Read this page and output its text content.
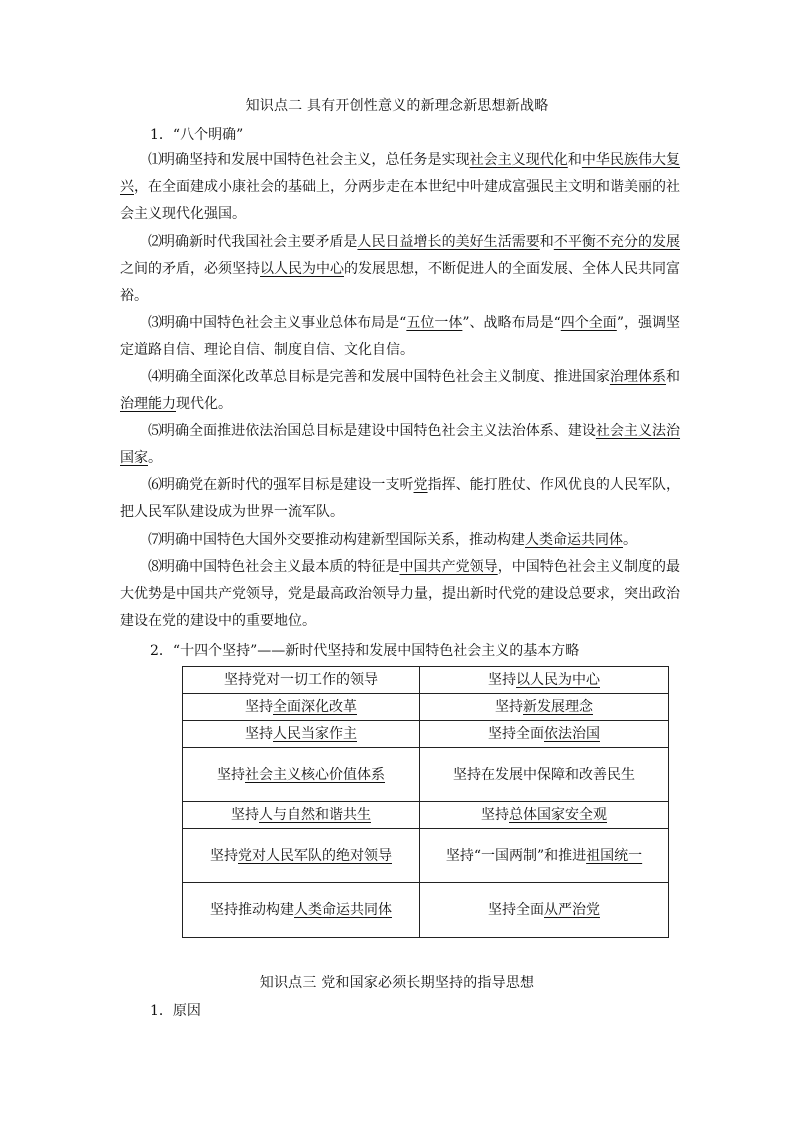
知识点二 具有开创性意义的新理念新思想新战略
1．“八个明确”

⑴明确坚持和发展中国特色社会主义，总任务是实现社会主义现代化和中华民族伟大复兴，在全面建成小康社会的基础上，分两步走在本世纪中叶建成富强民主文明和谐美丽的社会主义现代化强国。

⑵明确新时代我国社会主要矛盾是人民日益增长的美好生活需要和不平衡不充分的发展之间的矛盾，必须坚持以人民为中心的发展思想，不断促进人的全面发展、全体人民共同富裕。

⑶明确中国特色社会主义事业总体布局是“五位一体”、战略布局是“四个全面”，强调坚定道路自信、理论自信、制度自信、文化自信。

⑷明确全面深化改革总目标是完善和发展中国特色社会主义制度、推进国家治理体系和治理能力现代化。

⑸明确全面推进依法治国总目标是建设中国特色社会主义法治体系、建设社会主义法治国家。

⑹明确党在新时代的强军目标是建设一支听党指挥、能打胜仗、作风优良的人民军队，把人民军队建设成为世界一流军队。

⑺明确中国特色大国外交要推动构建新型国际关系，推动构建人类命运共同体。

⑻明确中国特色社会主义最本质的特征是中国共产党领导，中国特色社会主义制度的最大优势是中国共产党领导，党是最高政治领导力量，提出新时代党的建设总要求，突出政治建设在党的建设中的重要地位。

2．“十四个坚持”——新时代坚持和发展中国特色社会主义的基本方略
坚持党对一切工作的领导	坚持以人民为中心
坚持全面深化改革	坚持新发展理念
坚持人民当家作主	坚持全面依法治国
坚持社会主义核心价值体系	坚持在发展中保障和改善民生
坚持人与自然和谐共生	坚持总体国家安全观
坚持党对人民军队的绝对领导	坚持“一国两制”和推进祖国统一
坚持推动构建人类命运共同体	坚持全面从严治党
知识点三 党和国家必须长期坚持的指导思想
1．原因
